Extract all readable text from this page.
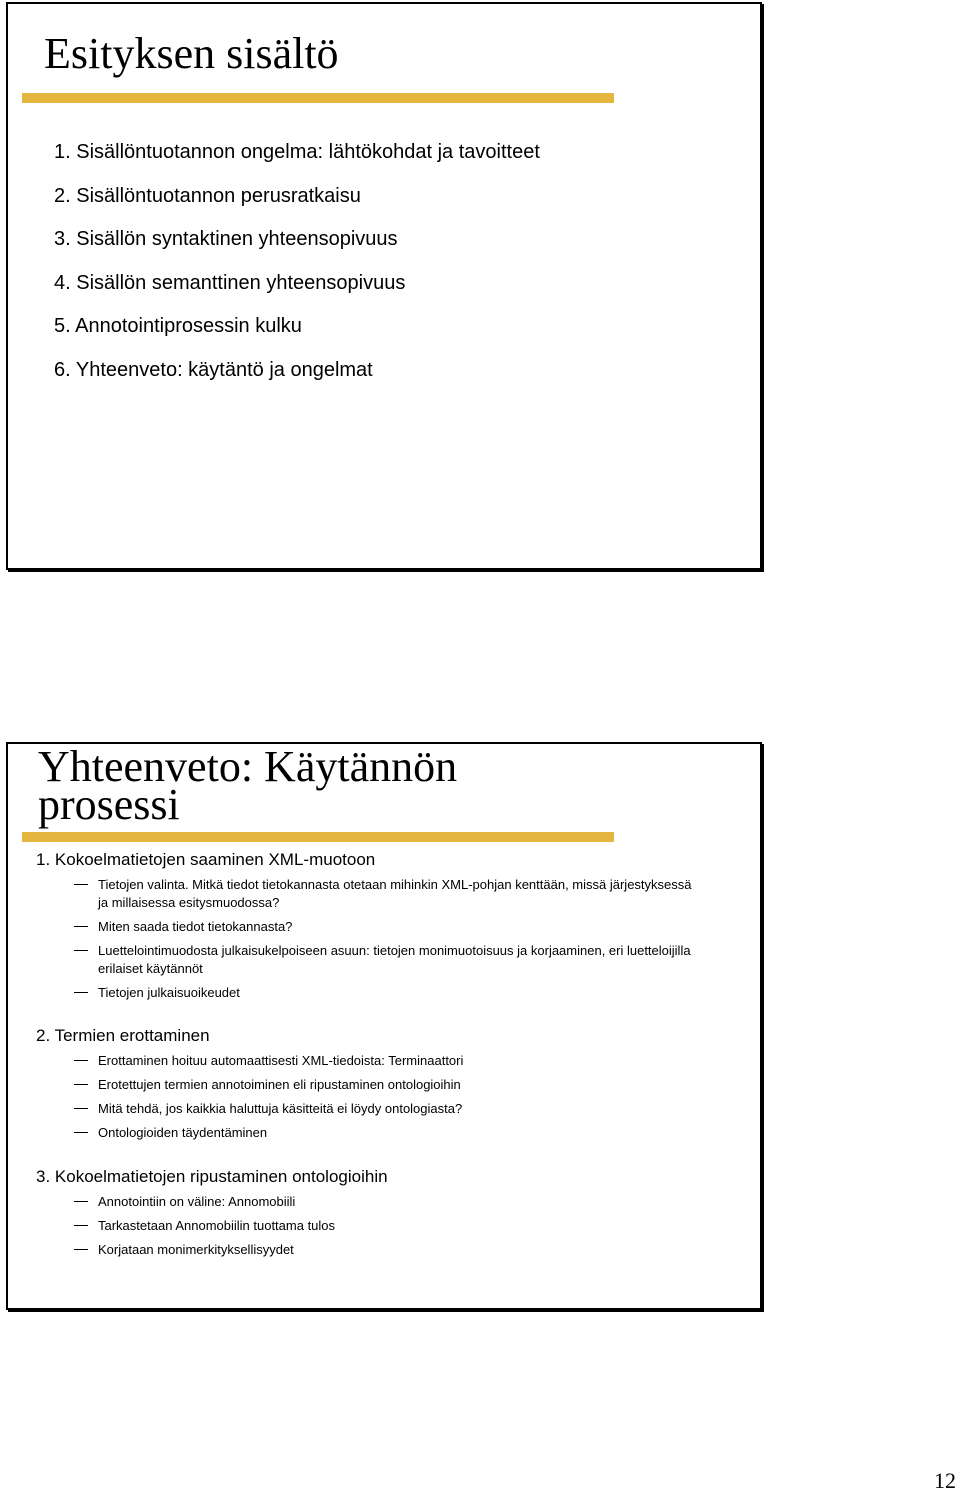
Esityksen sisältö
1. Sisällöntuotannon ongelma: lähtökohdat ja tavoitteet
2. Sisällöntuotannon perusratkaisu
3. Sisällön syntaktinen yhteensopivuus
4. Sisällön semanttinen yhteensopivuus
5. Annotointiprosessin kulku
6. Yhteenveto: käytäntö ja ongelmat
Yhteenveto: Käytännön
prosessi
1. Kokoelmatietojen saaminen XML-muotoon
Tietojen valinta. Mitkä tiedot tietokannasta otetaan mihinkin XML-pohjan kenttään, missä järjestyksessä ja millaisessa esitysmuodossa?
Miten saada tiedot tietokannasta?
Luettelointimuodosta julkaisukelpoiseen asuun: tietojen monimuotoisuus ja korjaaminen, eri luetteloijilla erilaiset käytännöt
Tietojen julkaisuoikeudet
2. Termien erottaminen
Erottaminen hoituu automaattisesti XML-tiedoista: Terminaattori
Erotettujen termien annotoiminen eli ripustaminen ontologioihin
Mitä tehdä, jos kaikkia haluttuja käsitteitä ei löydy ontologiasta?
Ontologioiden täydentäminen
3. Kokoelmatietojen ripustaminen ontologioihin
Annotointiin on väline: Annomobiili
Tarkastetaan Annomobiilin tuottama tulos
Korjataan monimerkityksellisyydet
12
